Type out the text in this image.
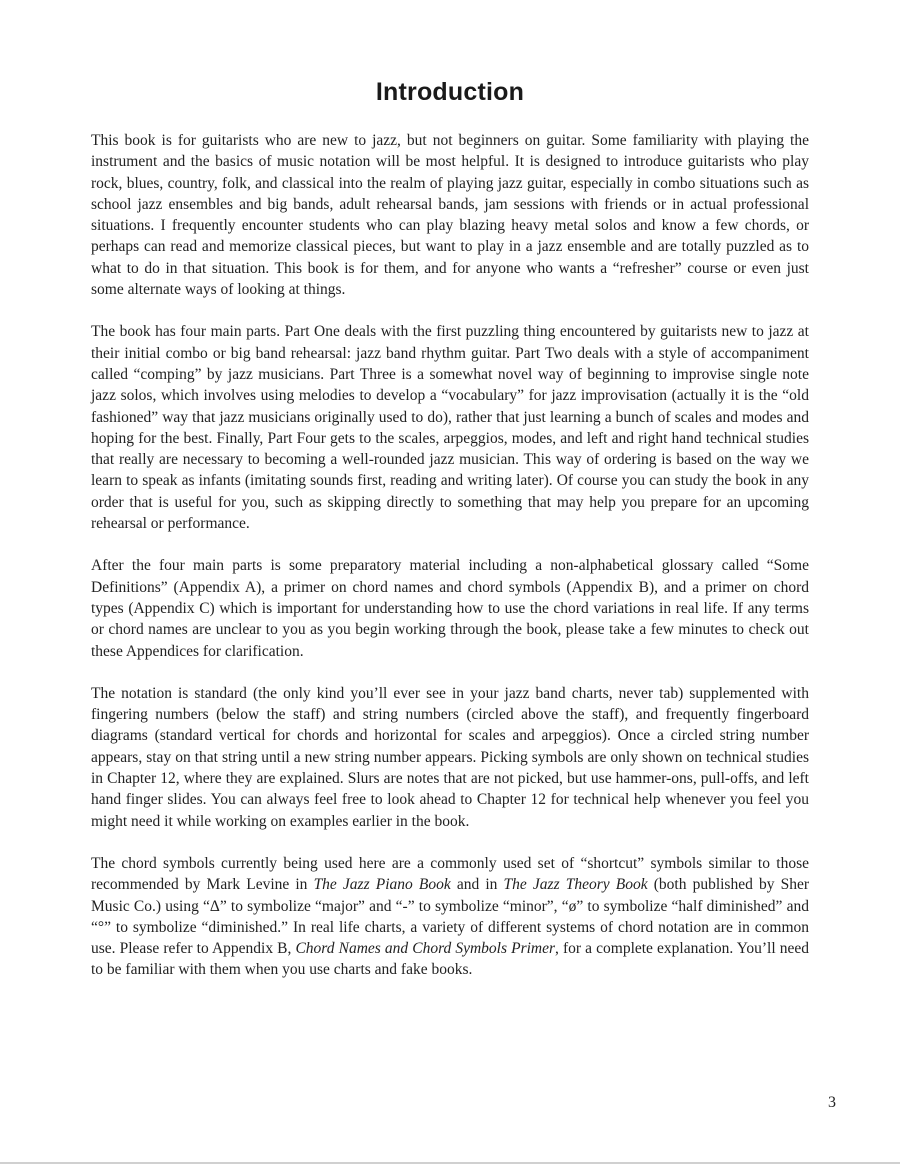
Introduction

This book is for guitarists who are new to jazz, but not beginners on guitar. Some familiarity with playing the instrument and the basics of music notation will be most helpful. It is designed to introduce guitarists who play rock, blues, country, folk, and classical into the realm of playing jazz guitar, especially in combo situations such as school jazz ensembles and big bands, adult rehearsal bands, jam sessions with friends or in actual professional situations. I frequently encounter students who can play blazing heavy metal solos and know a few chords, or perhaps can read and memorize classical pieces, but want to play in a jazz ensemble and are totally puzzled as to what to do in that situation. This book is for them, and for anyone who wants a “refresher” course or even just some alternate ways of looking at things.

The book has four main parts. Part One deals with the first puzzling thing encountered by guitarists new to jazz at their initial combo or big band rehearsal: jazz band rhythm guitar. Part Two deals with a style of accompaniment called “comping” by jazz musicians. Part Three is a somewhat novel way of beginning to improvise single note jazz solos, which involves using melodies to develop a “vocabulary” for jazz improvisation (actually it is the “old fashioned” way that jazz musicians originally used to do), rather that just learning a bunch of scales and modes and hoping for the best. Finally, Part Four gets to the scales, arpeggios, modes, and left and right hand technical studies that really are necessary to becoming a well-rounded jazz musician. This way of ordering is based on the way we learn to speak as infants (imitating sounds first, reading and writing later). Of course you can study the book in any order that is useful for you, such as skipping directly to something that may help you prepare for an upcoming rehearsal or performance.

After the four main parts is some preparatory material including a non-alphabetical glossary called “Some Definitions” (Appendix A), a primer on chord names and chord symbols (Appendix B), and a primer on chord types (Appendix C) which is important for understanding how to use the chord variations in real life. If any terms or chord names are unclear to you as you begin working through the book, please take a few minutes to check out these Appendices for clarification.

The notation is standard (the only kind you’ll ever see in your jazz band charts, never tab) supplemented with fingering numbers (below the staff) and string numbers (circled above the staff), and frequently fingerboard diagrams (standard vertical for chords and horizontal for scales and arpeggios). Once a circled string number appears, stay on that string until a new string number appears. Picking symbols are only shown on technical studies in Chapter 12, where they are explained. Slurs are notes that are not picked, but use hammer-ons, pull-offs, and left hand finger slides. You can always feel free to look ahead to Chapter 12 for technical help whenever you feel you might need it while working on examples earlier in the book.

The chord symbols currently being used here are a commonly used set of “shortcut” symbols similar to those recommended by Mark Levine in The Jazz Piano Book and in The Jazz Theory Book (both published by Sher Music Co.) using “Δ” to symbolize “major” and “-” to symbolize “minor”, “ø” to symbolize “half diminished” and “°” to symbolize “diminished.” In real life charts, a variety of different systems of chord notation are in common use. Please refer to Appendix B, Chord Names and Chord Symbols Primer, for a complete explanation. You’ll need to be familiar with them when you use charts and fake books.

3
